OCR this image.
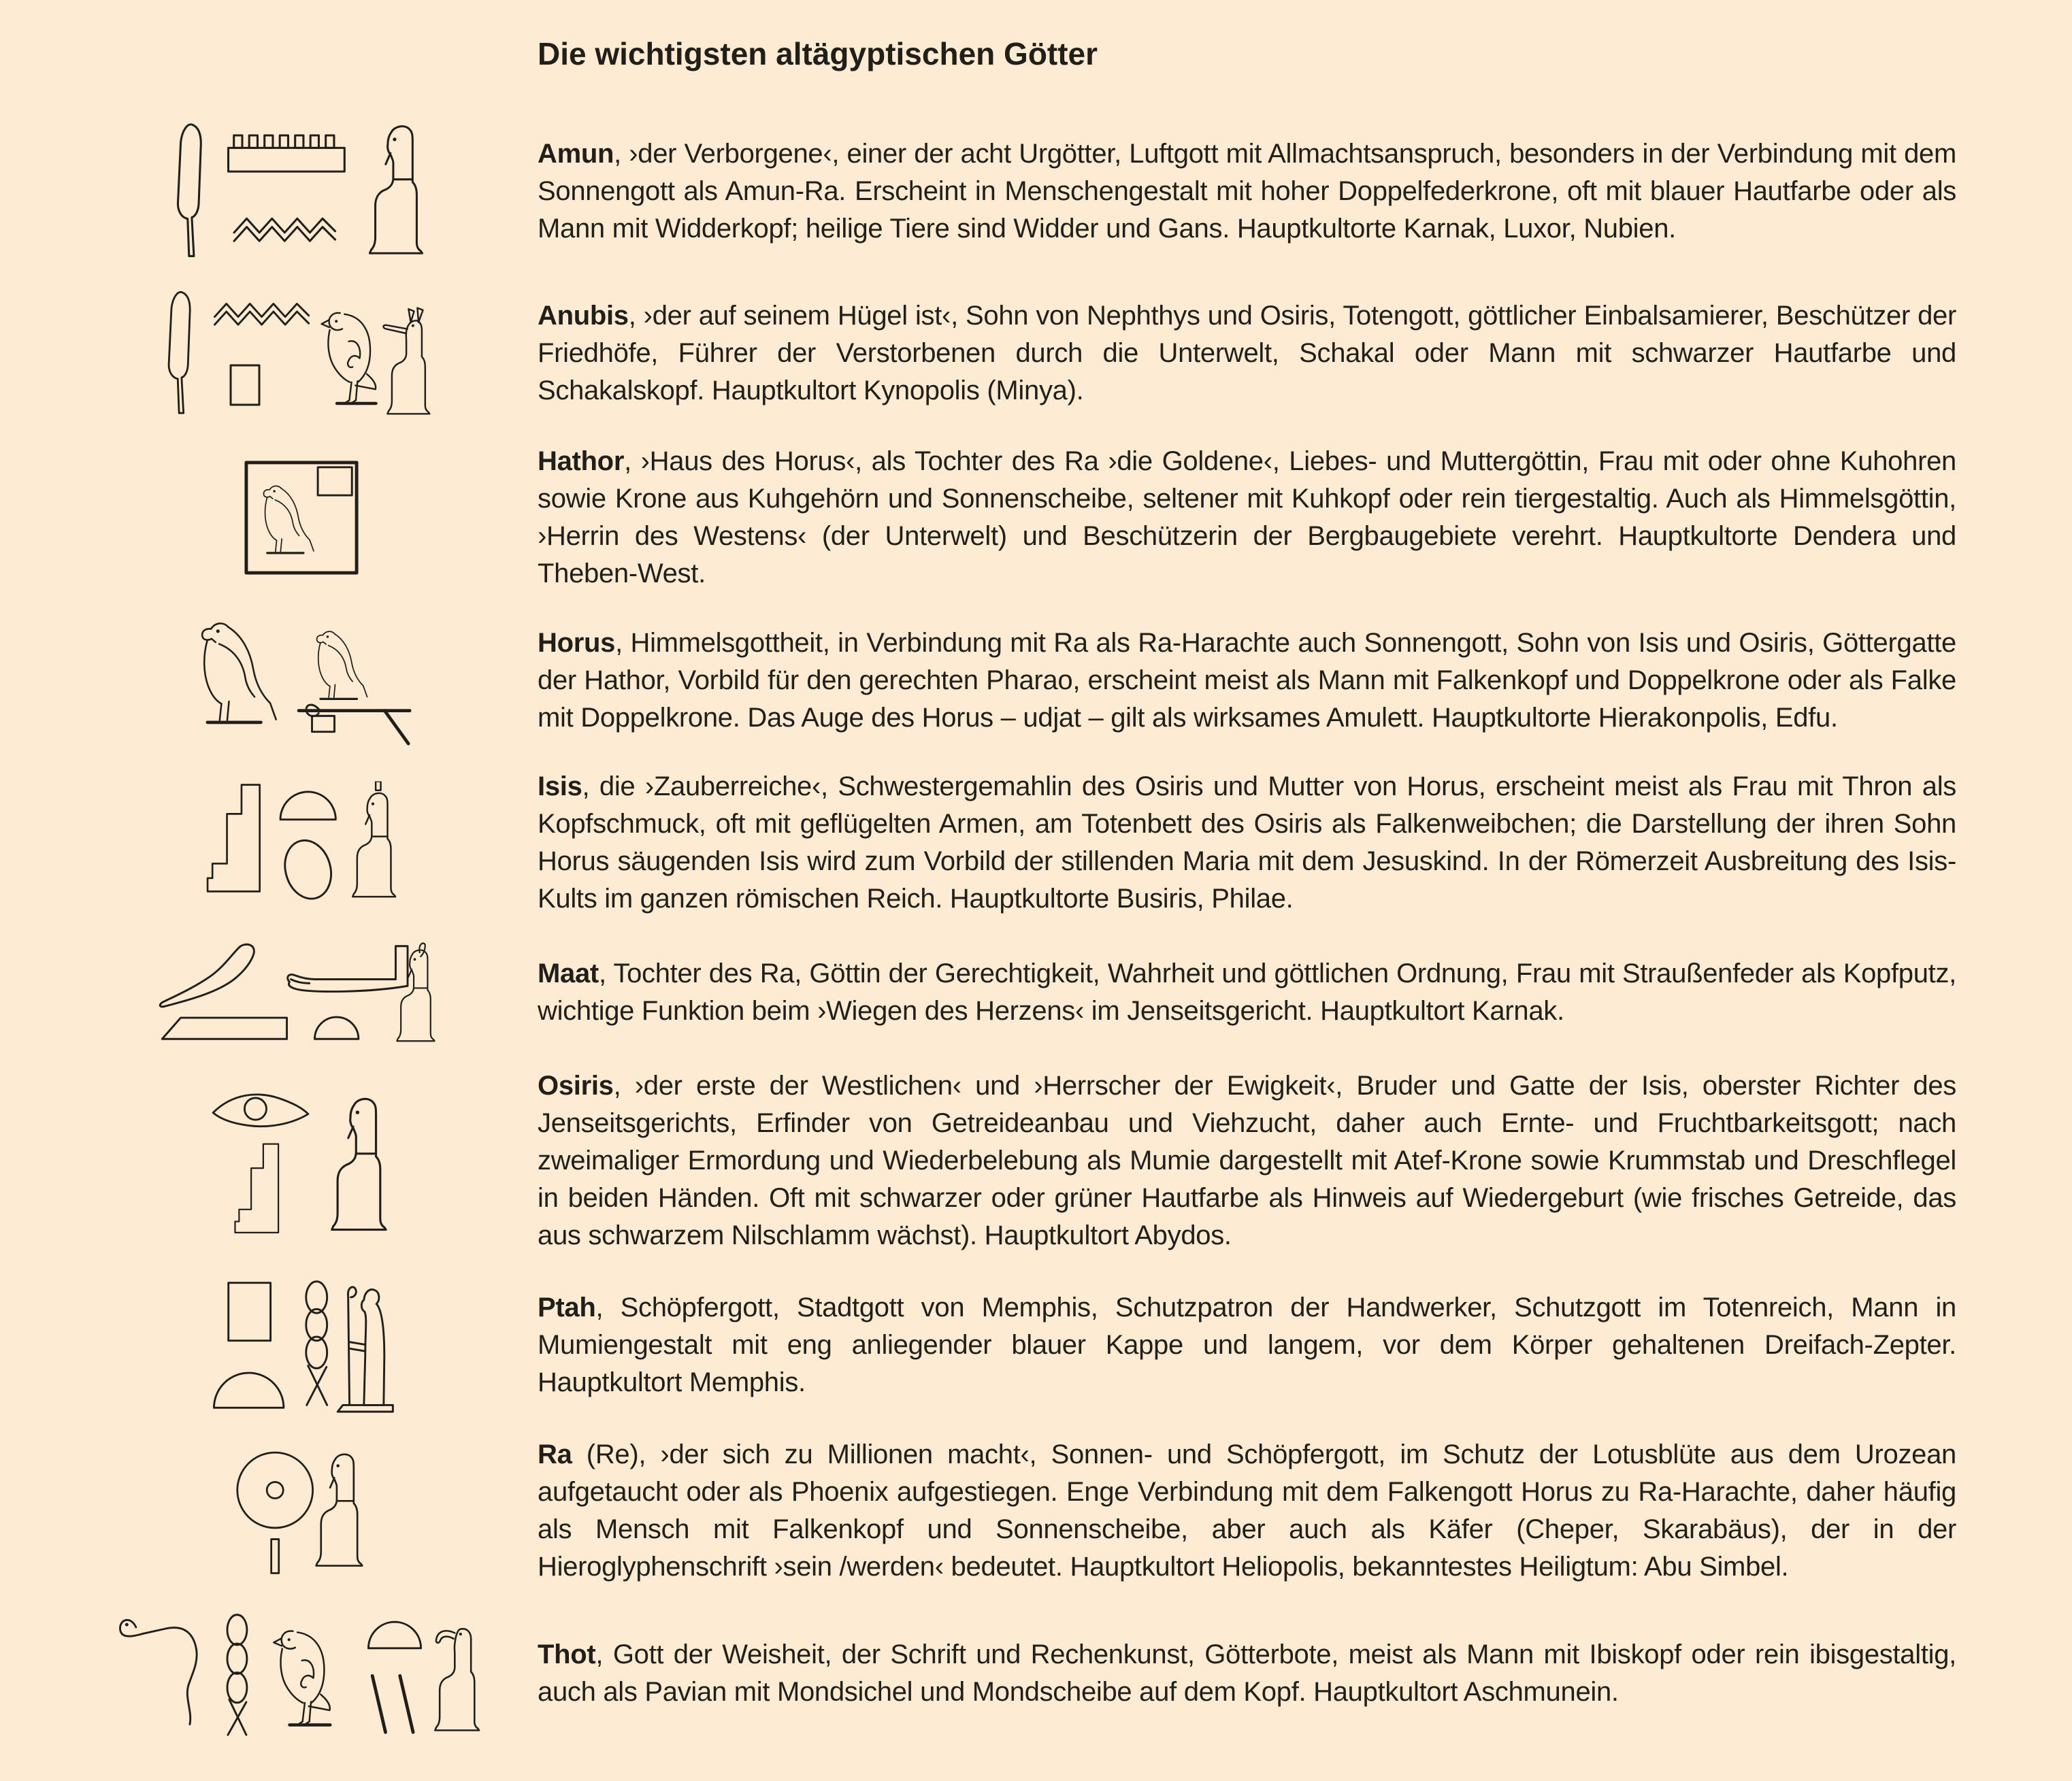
Die wichtigsten altägyptischen Götter

Amun, ›der Verborgene‹, einer der acht Urgötter, Luftgott mit Allmachtsanspruch, besonders in der Verbindung mit dem Sonnengott als Amun-Ra. Erscheint in Menschengestalt mit hoher Doppelfederkrone, oft mit blauer Hautfarbe oder als Mann mit Widderkopf; heilige Tiere sind Widder und Gans. Hauptkultorte Karnak, Luxor, Nubien.

Anubis, ›der auf seinem Hügel ist‹, Sohn von Nephthys und Osiris, Totengott, göttlicher Einbalsamierer, Beschützer der Friedhöfe, Führer der Verstorbenen durch die Unterwelt, Schakal oder Mann mit schwarzer Hautfarbe und Schakalskopf. Hauptkultort Kynopolis (Minya).

Hathor, ›Haus des Horus‹, als Tochter des Ra ›die Goldene‹, Liebes- und Muttergöttin, Frau mit oder ohne Kuhohren sowie Krone aus Kuhgehörn und Sonnenscheibe, seltener mit Kuhkopf oder rein tiergestaltig. Auch als Himmelsgöttin, ›Herrin des Westens‹ (der Unterwelt) und Beschützerin der Bergbaugebiete verehrt. Hauptkultorte Dendera und Theben-West.

Horus, Himmelsgottheit, in Verbindung mit Ra als Ra-Harachte auch Sonnengott, Sohn von Isis und Osiris, Göttergatte der Hathor, Vorbild für den gerechten Pharao, erscheint meist als Mann mit Falkenkopf und Doppelkrone oder als Falke mit Doppelkrone. Das Auge des Horus – udjat – gilt als wirksames Amulett. Hauptkultorte Hierakonpolis, Edfu.

Isis, die ›Zauberreiche‹, Schwestergemahlin des Osiris und Mutter von Horus, erscheint meist als Frau mit Thron als Kopfschmuck, oft mit geflügelten Armen, am Totenbett des Osiris als Falkenweibchen; die Darstellung der ihren Sohn Horus säugenden Isis wird zum Vorbild der stillenden Maria mit dem Jesuskind. In der Römerzeit Ausbreitung des Isis-Kults im ganzen römischen Reich. Hauptkultorte Busiris, Philae.

Maat, Tochter des Ra, Göttin der Gerechtigkeit, Wahrheit und göttlichen Ordnung, Frau mit Straußenfeder als Kopfputz, wichtige Funktion beim ›Wiegen des Herzens‹ im Jenseitsgericht. Hauptkultort Karnak.

Osiris, ›der erste der Westlichen‹ und ›Herrscher der Ewigkeit‹, Bruder und Gatte der Isis, oberster Richter des Jenseitsgerichts, Erfinder von Getreideanbau und Viehzucht, daher auch Ernte- und Fruchtbarkeitsgott; nach zweimaliger Ermordung und Wiederbelebung als Mumie dargestellt mit Atef-Krone sowie Krummstab und Dreschflegel in beiden Händen. Oft mit schwarzer oder grüner Hautfarbe als Hinweis auf Wiedergeburt (wie frisches Getreide, das aus schwarzem Nilschlamm wächst). Hauptkultort Abydos.

Ptah, Schöpfergott, Stadtgott von Memphis, Schutzpatron der Handwerker, Schutzgott im Totenreich, Mann in Mumiengestalt mit eng anliegender blauer Kappe und langem, vor dem Körper gehaltenen Dreifach-Zepter. Hauptkultort Memphis.

Ra (Re), ›der sich zu Millionen macht‹, Sonnen- und Schöpfergott, im Schutz der Lotusblüte aus dem Urozean aufgetaucht oder als Phoenix aufgestiegen. Enge Verbindung mit dem Falkengott Horus zu Ra-Harachte, daher häufig als Mensch mit Falkenkopf und Sonnenscheibe, aber auch als Käfer (Cheper, Skarabäus), der in der Hieroglyphenschrift ›sein /werden‹ bedeutet. Hauptkultort Heliopolis, bekanntestes Heiligtum: Abu Simbel.

Thot, Gott der Weisheit, der Schrift und Rechenkunst, Götterbote, meist als Mann mit Ibiskopf oder rein ibisgestaltig, auch als Pavian mit Mondsichel und Mondscheibe auf dem Kopf. Hauptkultort Aschmunein.
